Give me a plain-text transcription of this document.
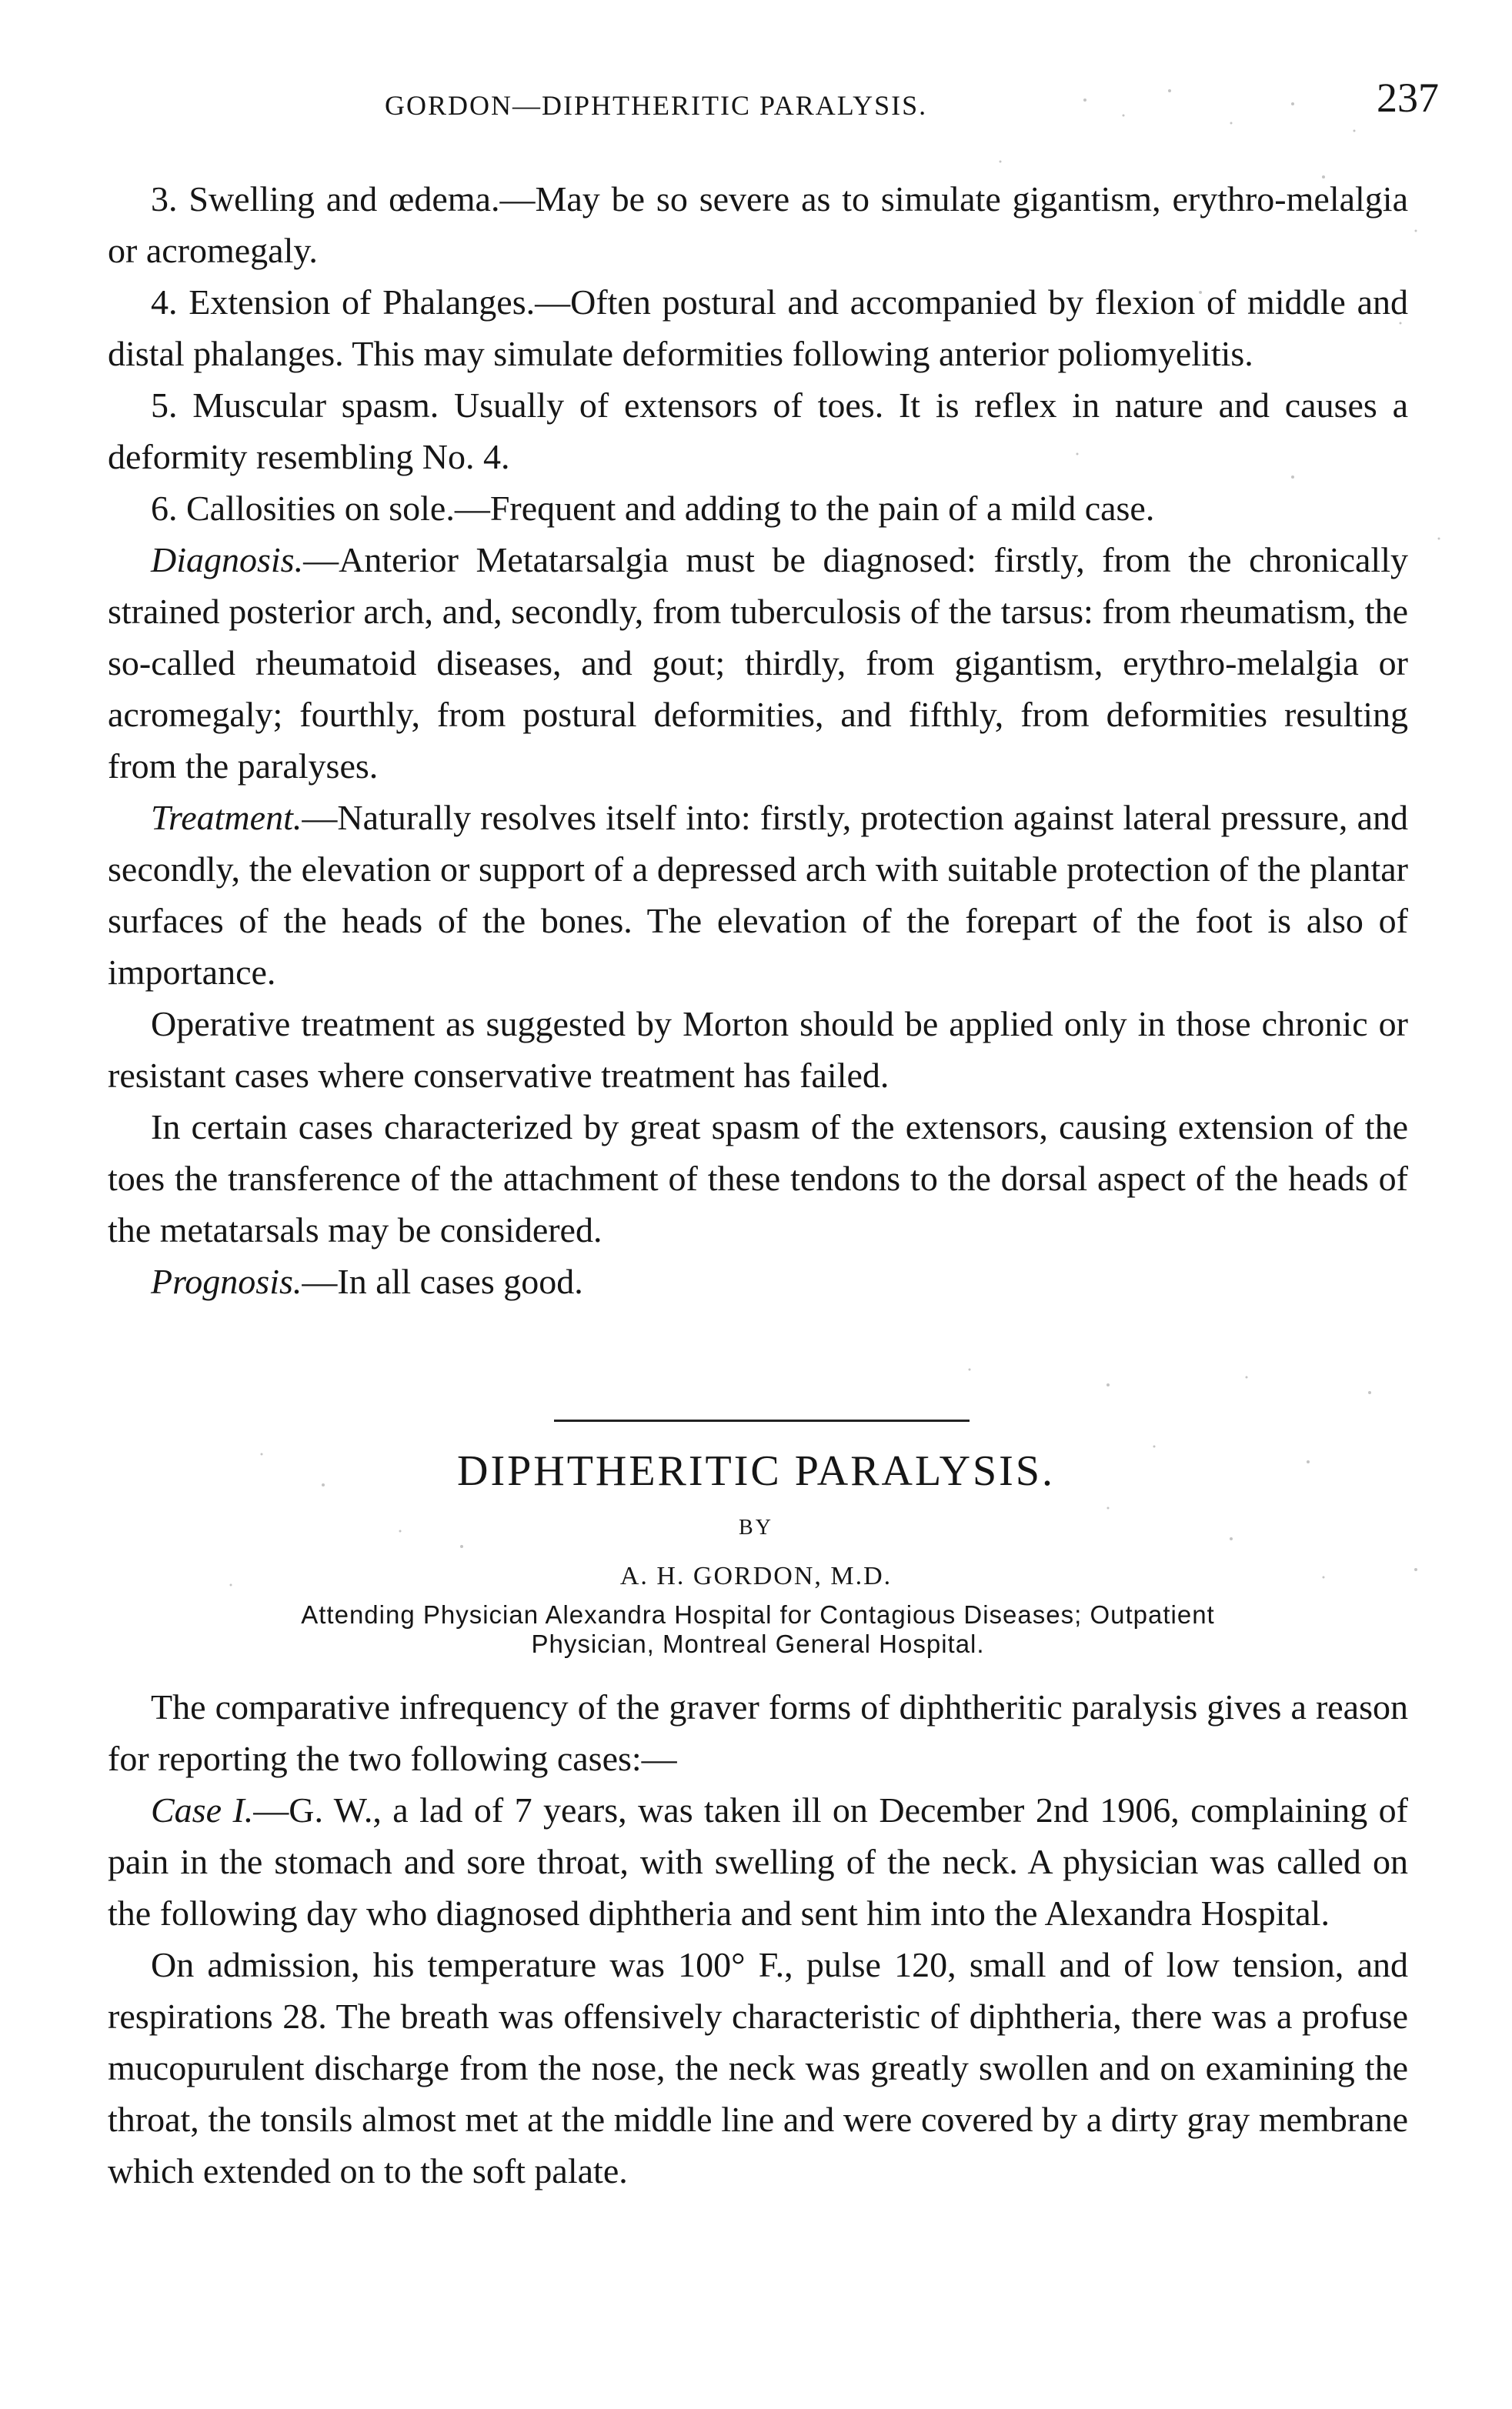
GORDON—DIPHTHERITIC PARALYSIS.	237

3. Swelling and œdema.—May be so severe as to simulate gigantism, erythro-melalgia or acromegaly.

4. Extension of Phalanges.—Often postural and accompanied by flexion of middle and distal phalanges. This may simulate deformities following anterior poliomyelitis.

5. Muscular spasm. Usually of extensors of toes. It is reflex in nature and causes a deformity resembling No. 4.

6. Callosities on sole.—Frequent and adding to the pain of a mild case.

Diagnosis.—Anterior Metatarsalgia must be diagnosed: firstly, from the chronically strained posterior arch, and, secondly, from tuberculosis of the tarsus: from rheumatism, the so-called rheumatoid diseases, and gout; thirdly, from gigantism, erythro-melalgia or acromegaly; fourthly, from postural deformities, and fifthly, from deformities resulting from the paralyses.

Treatment.—Naturally resolves itself into: firstly, protection against lateral pressure, and secondly, the elevation or support of a depressed arch with suitable protection of the plantar surfaces of the heads of the bones. The elevation of the forepart of the foot is also of importance.

Operative treatment as suggested by Morton should be applied only in those chronic or resistant cases where conservative treatment has failed.

In certain cases characterized by great spasm of the extensors, causing extension of the toes the transference of the attachment of these tendons to the dorsal aspect of the heads of the metatarsals may be considered.

Prognosis.—In all cases good.

DIPHTHERITIC PARALYSIS.
BY
A. H. GORDON, M.D.
Attending Physician Alexandra Hospital for Contagious Diseases; Outpatient
Physician, Montreal General Hospital.

The comparative infrequency of the graver forms of diphtheritic paralysis gives a reason for reporting the two following cases:—

Case I.—G. W., a lad of 7 years, was taken ill on December 2nd 1906, complaining of pain in the stomach and sore throat, with swelling of the neck. A physician was called on the following day who diagnosed diphtheria and sent him into the Alexandra Hospital.

On admission, his temperature was 100° F., pulse 120, small and of low tension, and respirations 28. The breath was offensively characteristic of diphtheria, there was a profuse mucopurulent discharge from the nose, the neck was greatly swollen and on examining the throat, the tonsils almost met at the middle line and were covered by a dirty gray membrane which extended on to the soft palate.
